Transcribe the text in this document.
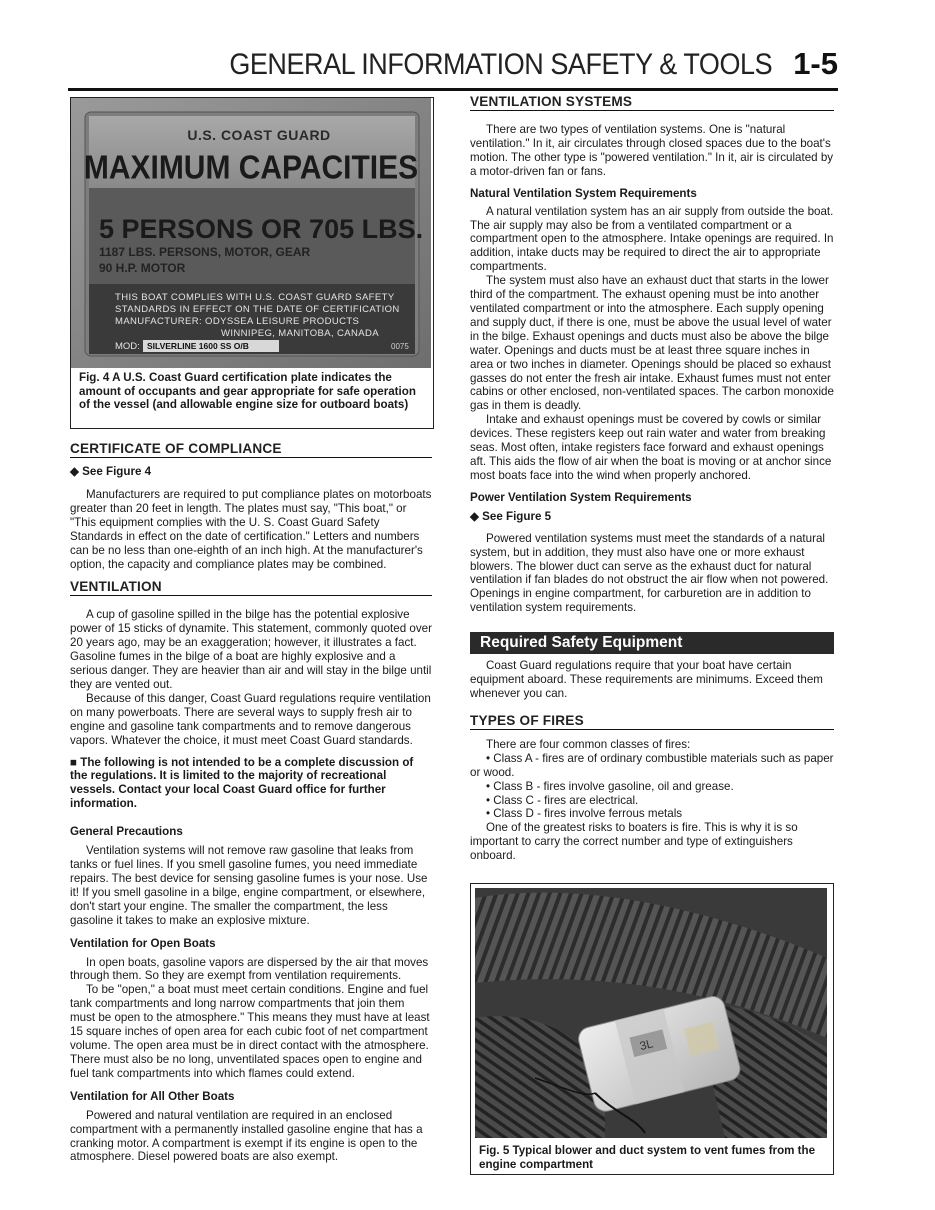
GENERAL INFORMATION SAFETY & TOOLS 1-5
U.S. COAST GUARD
MAXIMUM CAPACITIES
5 PERSONS OR 705 LBS.
1187 LBS. PERSONS, MOTOR, GEAR
90 H.P. MOTOR
THIS BOAT COMPLIES WITH U.S. COAST GUARD SAFETY
STANDARDS IN EFFECT ON THE DATE OF CERTIFICATION
MANUFACTURER: ODYSSEA LEISURE PRODUCTS
WINNIPEG, MANITOBA, CANADA
MOD: SILVERLINE 1600 SS O/B	0075
Fig. 4 A U.S. Coast Guard certification plate indicates the amount of occupants and gear appropriate for safe operation of the vessel (and allowable engine size for outboard boats)
CERTIFICATE OF COMPLIANCE
◆ See Figure 4

Manufacturers are required to put compliance plates on motorboats greater than 20 feet in length. The plates must say, "This boat," or "This equipment complies with the U. S. Coast Guard Safety Standards in effect on the date of certification." Letters and numbers can be no less than one-eighth of an inch high. At the manufacturer's option, the capacity and compliance plates may be combined.

VENTILATION

A cup of gasoline spilled in the bilge has the potential explosive power of 15 sticks of dynamite. This statement, commonly quoted over 20 years ago, may be an exaggeration; however, it illustrates a fact. Gasoline fumes in the bilge of a boat are highly explosive and a serious danger. They are heavier than air and will stay in the bilge until they are vented out.

Because of this danger, Coast Guard regulations require ventilation on many powerboats. There are several ways to supply fresh air to engine and gasoline tank compartments and to remove dangerous vapors. Whatever the choice, it must meet Coast Guard standards.

■ The following is not intended to be a complete discussion of the regulations. It is limited to the majority of recreational vessels. Contact your local Coast Guard office for further information.
General Precautions

Ventilation systems will not remove raw gasoline that leaks from tanks or fuel lines. If you smell gasoline fumes, you need immediate repairs. The best device for sensing gasoline fumes is your nose. Use it! If you smell gasoline in a bilge, engine compartment, or elsewhere, don't start your engine. The smaller the compartment, the less gasoline it takes to make an explosive mixture.

Ventilation for Open Boats

In open boats, gasoline vapors are dispersed by the air that moves through them. So they are exempt from ventilation requirements.

To be "open," a boat must meet certain conditions. Engine and fuel tank compartments and long narrow compartments that join them must be open to the atmosphere." This means they must have at least 15 square inches of open area for each cubic foot of net compartment volume. The open area must be in direct contact with the atmosphere. There must also be no long, unventilated spaces open to engine and fuel tank compartments into which flames could extend.

Ventilation for All Other Boats

Powered and natural ventilation are required in an enclosed compartment with a permanently installed gasoline engine that has a cranking motor. A compartment is exempt if its engine is open to the atmosphere. Diesel powered boats are also exempt.

VENTILATION SYSTEMS

There are two types of ventilation systems. One is "natural ventilation." In it, air circulates through closed spaces due to the boat's motion. The other type is "powered ventilation." In it, air is circulated by a motor-driven fan or fans.

Natural Ventilation System Requirements

A natural ventilation system has an air supply from outside the boat. The air supply may also be from a ventilated compartment or a compartment open to the atmosphere. Intake openings are required. In addition, intake ducts may be required to direct the air to appropriate compartments.

The system must also have an exhaust duct that starts in the lower third of the compartment. The exhaust opening must be into another ventilated compartment or into the atmosphere. Each supply opening and supply duct, if there is one, must be above the usual level of water in the bilge. Exhaust openings and ducts must also be above the bilge water. Openings and ducts must be at least three square inches in area or two inches in diameter. Openings should be placed so exhaust gasses do not enter the fresh air intake. Exhaust fumes must not enter cabins or other enclosed, non-ventilated spaces. The carbon monoxide gas in them is deadly.

Intake and exhaust openings must be covered by cowls or similar devices. These registers keep out rain water and water from breaking seas. Most often, intake registers face forward and exhaust openings aft. This aids the flow of air when the boat is moving or at anchor since most boats face into the wind when properly anchored.

Power Ventilation System Requirements
◆ See Figure 5

Powered ventilation systems must meet the standards of a natural system, but in addition, they must also have one or more exhaust blowers. The blower duct can serve as the exhaust duct for natural ventilation if fan blades do not obstruct the air flow when not powered. Openings in engine compartment, for carburetion are in addition to ventilation system requirements.

Required Safety Equipment

Coast Guard regulations require that your boat have certain equipment aboard. These requirements are minimums. Exceed them whenever you can.

TYPES OF FIRES

There are four common classes of fires:

• Class A - fires are of ordinary combustible materials such as paper or wood.
• Class B - fires involve gasoline, oil and grease.
• Class C - fires are electrical.
• Class D - fires involve ferrous metals

One of the greatest risks to boaters is fire. This is why it is so important to carry the correct number and type of extinguishers onboard.

3L
Fig. 5 Typical blower and duct system to vent fumes from the engine compartment
